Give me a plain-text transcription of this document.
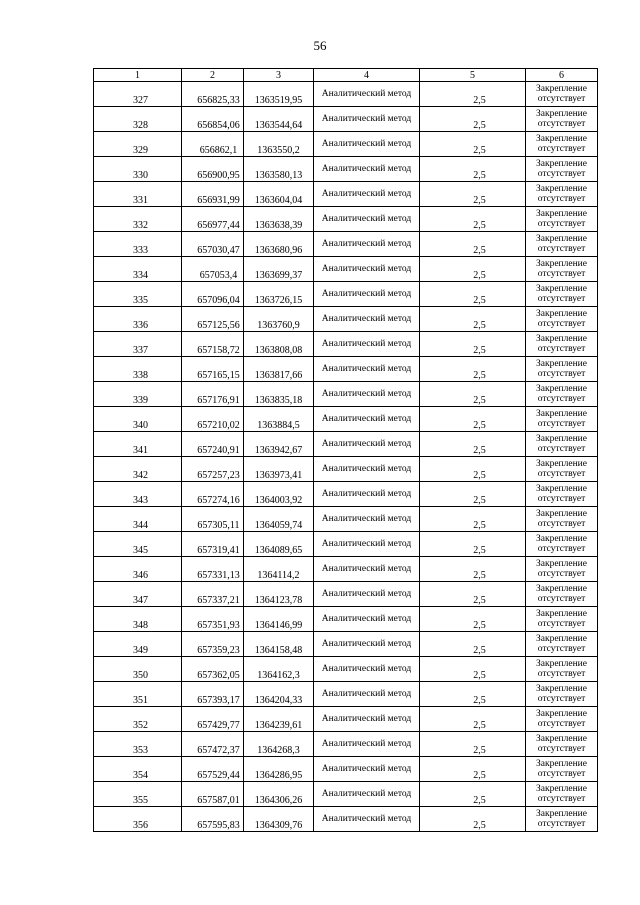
56
1	2	3	4	5	6
327	656825,33	1363519,95	Аналитический метод	2,5	Закрепление отсутствует
328	656854,06	1363544,64	Аналитический метод	2,5	Закрепление отсутствует
329	656862,1	1363550,2	Аналитический метод	2,5	Закрепление отсутствует
330	656900,95	1363580,13	Аналитический метод	2,5	Закрепление отсутствует
331	656931,99	1363604,04	Аналитический метод	2,5	Закрепление отсутствует
332	656977,44	1363638,39	Аналитический метод	2,5	Закрепление отсутствует
333	657030,47	1363680,96	Аналитический метод	2,5	Закрепление отсутствует
334	657053,4	1363699,37	Аналитический метод	2,5	Закрепление отсутствует
335	657096,04	1363726,15	Аналитический метод	2,5	Закрепление отсутствует
336	657125,56	1363760,9	Аналитический метод	2,5	Закрепление отсутствует
337	657158,72	1363808,08	Аналитический метод	2,5	Закрепление отсутствует
338	657165,15	1363817,66	Аналитический метод	2,5	Закрепление отсутствует
339	657176,91	1363835,18	Аналитический метод	2,5	Закрепление отсутствует
340	657210,02	1363884,5	Аналитический метод	2,5	Закрепление отсутствует
341	657240,91	1363942,67	Аналитический метод	2,5	Закрепление отсутствует
342	657257,23	1363973,41	Аналитический метод	2,5	Закрепление отсутствует
343	657274,16	1364003,92	Аналитический метод	2,5	Закрепление отсутствует
344	657305,11	1364059,74	Аналитический метод	2,5	Закрепление отсутствует
345	657319,41	1364089,65	Аналитический метод	2,5	Закрепление отсутствует
346	657331,13	1364114,2	Аналитический метод	2,5	Закрепление отсутствует
347	657337,21	1364123,78	Аналитический метод	2,5	Закрепление отсутствует
348	657351,93	1364146,99	Аналитический метод	2,5	Закрепление отсутствует
349	657359,23	1364158,48	Аналитический метод	2,5	Закрепление отсутствует
350	657362,05	1364162,3	Аналитический метод	2,5	Закрепление отсутствует
351	657393,17	1364204,33	Аналитический метод	2,5	Закрепление отсутствует
352	657429,77	1364239,61	Аналитический метод	2,5	Закрепление отсутствует
353	657472,37	1364268,3	Аналитический метод	2,5	Закрепление отсутствует
354	657529,44	1364286,95	Аналитический метод	2,5	Закрепление отсутствует
355	657587,01	1364306,26	Аналитический метод	2,5	Закрепление отсутствует
356	657595,83	1364309,76	Аналитический метод	2,5	Закрепление отсутствует
